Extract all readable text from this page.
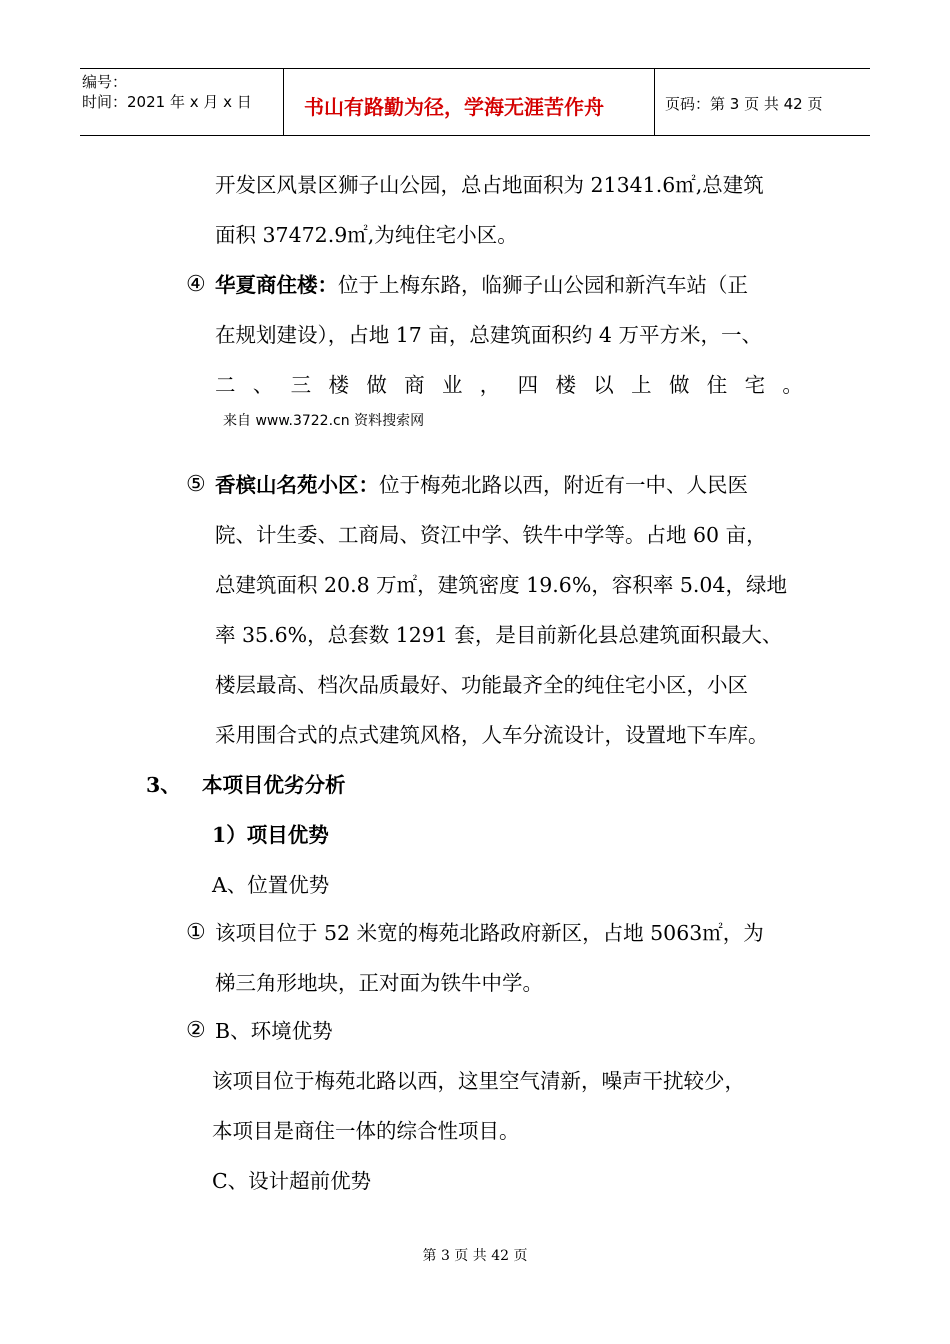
编号：
时间：2021 年 x 月 x 日	书山有路勤为径，学海无涯苦作舟	页码：第 3 页 共 42 页
开发区风景区狮子山公园，总占地面积为 21341.6㎡,总建筑
面积 37472.9㎡,为纯住宅小区。
④ 华夏商住楼：位于上梅东路，临狮子山公园和新汽车站（正
在规划建设），占地 17 亩，总建筑面积约 4 万平方米，一、
二 、 三 楼 做 商 业 ， 四 楼 以 上 做 住 宅 。
来自 www.3722.cn 资料搜索网
⑤ 香槟山名苑小区：位于梅苑北路以西，附近有一中、人民医
院、计生委、工商局、资江中学、铁牛中学等。占地 60 亩，
总建筑面积 20.8 万㎡，建筑密度 19.6%，容积率 5.04，绿地
率 35.6%，总套数 1291 套，是目前新化县总建筑面积最大、
楼层最高、档次品质最好、功能最齐全的纯住宅小区，小区
采用围合式的点式建筑风格，人车分流设计，设置地下车库。
3、 本项目优劣分析
1）项目优势
A、位置优势
① 该项目位于 52 米宽的梅苑北路政府新区，占地 5063㎡，为
梯三角形地块，正对面为铁牛中学。
② B、环境优势
该项目位于梅苑北路以西，这里空气清新，噪声干扰较少，
本项目是商住一体的综合性项目。
C、设计超前优势
第 3 页 共 42 页
